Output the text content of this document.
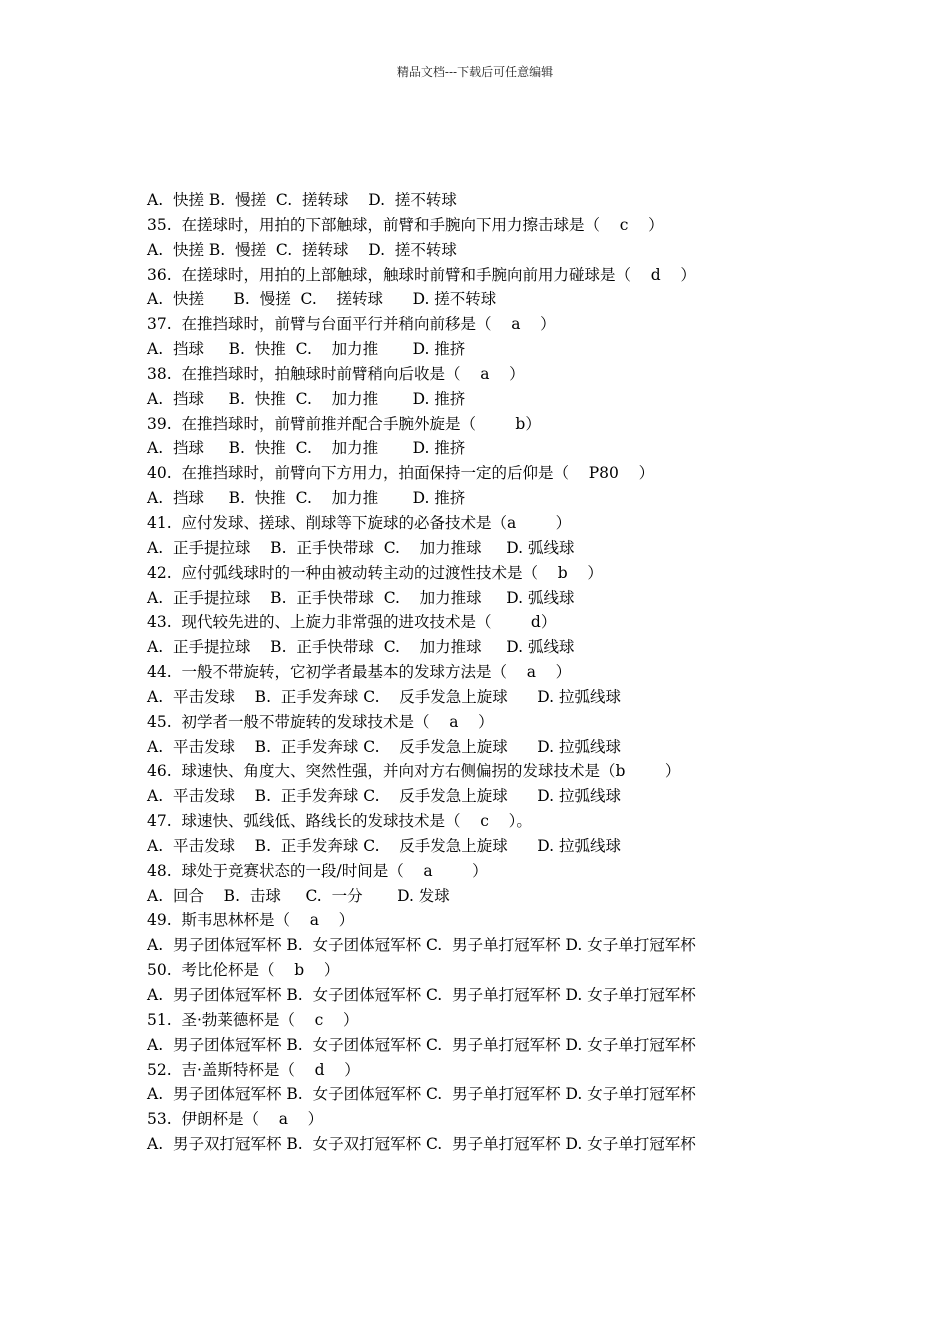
精品文档---下载后可任意编辑
A.  快搓 B.  慢搓  C.  搓转球    D.  搓不转球
35.  在搓球时，用拍的下部触球，前臂和手腕向下用力擦击球是（    c    ）
A.  快搓 B.  慢搓  C.  搓转球    D.  搓不转球
36.  在搓球时，用拍的上部触球，触球时前臂和手腕向前用力碰球是（    d    ）
A.  快搓      B.  慢搓  C.    搓转球      D. 搓不转球
37.  在推挡球时，前臂与台面平行并稍向前移是（    a    ）
A.  挡球     B.  快推  C.    加力推       D. 推挤
38.  在推挡球时，拍触球时前臂稍向后收是（    a    ）
A.  挡球     B.  快推  C.    加力推       D. 推挤
39.  在推挡球时，前臂前推并配合手腕外旋是（        b）
A.  挡球     B.  快推  C.    加力推       D. 推挤
40.  在推挡球时，前臂向下方用力，拍面保持一定的后仰是（    P80    ）
A.  挡球     B.  快推  C.    加力推       D. 推挤
41.  应付发球、搓球、削球等下旋球的必备技术是（a        ）
A.  正手提拉球    B.  正手快带球  C.    加力推球     D. 弧线球
42.  应付弧线球时的一种由被动转主动的过渡性技术是（    b    ）
A.  正手提拉球    B.  正手快带球  C.    加力推球     D. 弧线球
43.  现代较先进的、上旋力非常强的进攻技术是（        d）
A.  正手提拉球    B.  正手快带球  C.    加力推球     D. 弧线球
44.  一般不带旋转，它初学者最基本的发球方法是（    a    ）
A.  平击发球    B.  正手发奔球 C.    反手发急上旋球      D. 拉弧线球
45.  初学者一般不带旋转的发球技术是（    a    ）
A.  平击发球    B.  正手发奔球 C.    反手发急上旋球      D. 拉弧线球
46.  球速快、角度大、突然性强，并向对方右侧偏拐的发球技术是（b        ）
A.  平击发球    B.  正手发奔球 C.    反手发急上旋球      D. 拉弧线球
47.  球速快、弧线低、路线长的发球技术是（    c    ）。
A.  平击发球    B.  正手发奔球 C.    反手发急上旋球      D. 拉弧线球
48.  球处于竞赛状态的一段/时间是（    a        ）
A.  回合    B.  击球     C.  一分       D. 发球
49.  斯韦思林杯是（    a    ）
A.  男子团体冠军杯 B.  女子团体冠军杯 C.  男子单打冠军杯 D. 女子单打冠军杯
50.  考比伦杯是（    b    ）
A.  男子团体冠军杯 B.  女子团体冠军杯 C.  男子单打冠军杯 D. 女子单打冠军杯
51.  圣·勃莱德杯是（    c    ）
A.  男子团体冠军杯 B.  女子团体冠军杯 C.  男子单打冠军杯 D. 女子单打冠军杯
52.  吉·盖斯特杯是（    d    ）
A.  男子团体冠军杯 B.  女子团体冠军杯 C.  男子单打冠军杯 D. 女子单打冠军杯
53.  伊朗杯是（    a    ）
A.  男子双打冠军杯 B.  女子双打冠军杯 C.  男子单打冠军杯 D. 女子单打冠军杯
